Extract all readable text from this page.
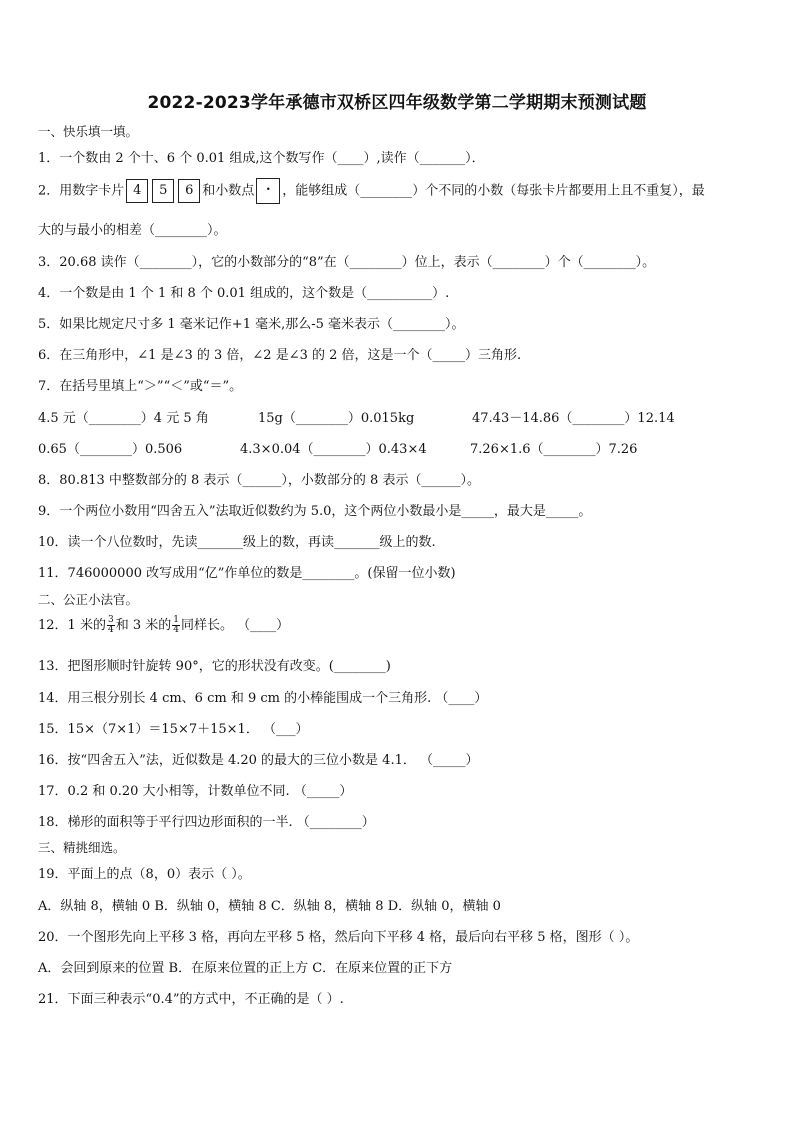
2022-2023学年承德市双桥区四年级数学第二学期期末预测试题
一、快乐填一填。
1．一个数由 2 个十、6 个 0.01 组成,这个数写作（____）,读作（_______）．
2．用数字卡片 4 5 6 和小数点 . ，能够组成（________）个不同的小数（每张卡片都要用上且不重复），最
大的与最小的相差（________）。
3．20.68 读作（________），它的小数部分的“8”在（________）位上，表示（________）个（________）。
4．一个数是由 1 个 1 和 8 个 0.01 组成的，这个数是（__________）.
5．如果比规定尺寸多 1 毫米记作+1 毫米,那么-5 毫米表示（________）。
6．在三角形中，∠1 是∠3 的 3 倍，∠2 是∠3 的 2 倍，这是一个（_____）三角形.
7．在括号里填上“＞”“＜”或“＝”。
4.5 元（________）4 元 5 角	15g（________）0.015kg	47.43－14.86（________）12.14
0.65（________）0.506	4.3×0.04（________）0.43×4	7.26×1.6（________）7.26
8．80.813 中整数部分的 8 表示（______），小数部分的 8 表示（______）。
9．一个两位小数用“四舍五入”法取近似数约为 5.0，这个两位小数最小是_____，最大是_____。
10．读一个八位数时，先读_______级上的数，再读_______级上的数.
11．746000000 改写成用“亿”作单位的数是________。(保留一位小数)
二、公正小法官。
12．1 米的 $\frac{3}{4}$ 和 3 米的 $\frac{1}{4}$ 同样长。 （____）
13．把图形顺时针旋转 90°，它的形状没有改变。(________)
14．用三根分别长 4 cm、6 cm 和 9 cm 的小棒能围成一个三角形. （____）
15．15×（7×1）＝15×7＋15×1． （___）
16．按“四舍五入”法，近似数是 4.20 的最大的三位小数是 4.1． （_____）
17．0.2 和 0.20 大小相等，计数单位不同. （_____）
18．梯形的面积等于平行四边形面积的一半. （________）
三、精挑细选。
19．平面上的点（8，0）表示（ ）。
A．纵轴 8，横轴 0 B．纵轴 0，横轴 8 C．纵轴 8，横轴 8 D．纵轴 0，横轴 0
20．一个图形先向上平移 3 格，再向左平移 5 格，然后向下平移 4 格，最后向右平移 5 格，图形（ ）。
A．会回到原来的位置 B．在原来位置的正上方 C．在原来位置的正下方
21．下面三种表示“0.4”的方式中，不正确的是（ ）.
